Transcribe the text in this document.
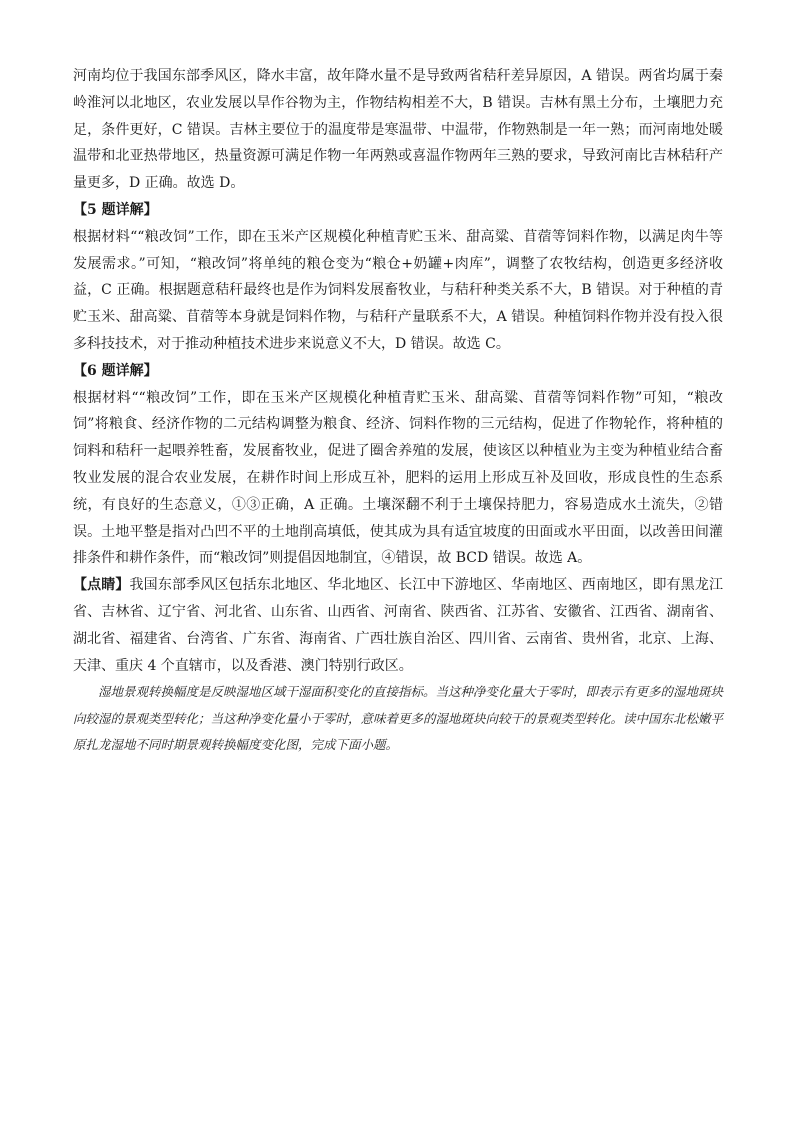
河南均位于我国东部季风区，降水丰富，故年降水量不是导致两省秸秆差异原因，A 错误。两省均属于秦岭淮河以北地区，农业发展以旱作谷物为主，作物结构相差不大，B 错误。吉林有黑土分布，土壤肥力充足，条件更好，C 错误。吉林主要位于的温度带是寒温带、中温带，作物熟制是一年一熟；而河南地处暖温带和北亚热带地区，热量资源可满足作物一年两熟或喜温作物两年三熟的要求，导致河南比吉林秸秆产量更多，D 正确。故选 D。

【5 题详解】

根据材料““粮改饲”工作，即在玉米产区规模化种植青贮玉米、甜高粱、苜蓿等饲料作物，以满足肉牛等发展需求。”可知，“粮改饲”将单纯的粮仓变为“粮仓+奶罐+肉库”，调整了农牧结构，创造更多经济收益，C 正确。根据题意秸秆最终也是作为饲料发展畜牧业，与秸秆种类关系不大，B 错误。对于种植的青贮玉米、甜高粱、苜蓿等本身就是饲料作物，与秸秆产量联系不大，A 错误。种植饲料作物并没有投入很多科技技术，对于推动种植技术进步来说意义不大，D 错误。故选 C。

【6 题详解】

根据材料““粮改饲”工作，即在玉米产区规模化种植青贮玉米、甜高粱、苜蓿等饲料作物”可知，“粮改饲”将粮食、经济作物的二元结构调整为粮食、经济、饲料作物的三元结构，促进了作物轮作，将种植的饲料和秸秆一起喂养牲畜，发展畜牧业，促进了圈舍养殖的发展，使该区以种植业为主变为种植业结合畜牧业发展的混合农业发展，在耕作时间上形成互补，肥料的运用上形成互补及回收，形成良性的生态系统，有良好的生态意义，①③正确，A 正确。土壤深翻不利于土壤保持肥力，容易造成水土流失，②错误。土地平整是指对凸凹不平的土地削高填低，使其成为具有适宜坡度的田面或水平田面，以改善田间灌排条件和耕作条件，而“粮改饲”则提倡因地制宜，④错误，故 BCD 错误。故选 A。

【点睛】我国东部季风区包括东北地区、华北地区、长江中下游地区、华南地区、西南地区，即有黑龙江省、吉林省、辽宁省、河北省、山东省、山西省、河南省、陕西省、江苏省、安徽省、江西省、湖南省、湖北省、福建省、台湾省、广东省、海南省、广西壮族自治区、四川省、云南省、贵州省，北京、上海、天津、重庆 4 个直辖市，以及香港、澳门特别行政区。

湿地景观转换幅度是反映湿地区域干湿面积变化的直接指标。当这种净变化量大于零时，即表示有更多的湿地斑块向较湿的景观类型转化；当这种净变化量小于零时，意味着更多的湿地斑块向较干的景观类型转化。读中国东北松嫩平原扎龙湿地不同时期景观转换幅度变化图，完成下面小题。
